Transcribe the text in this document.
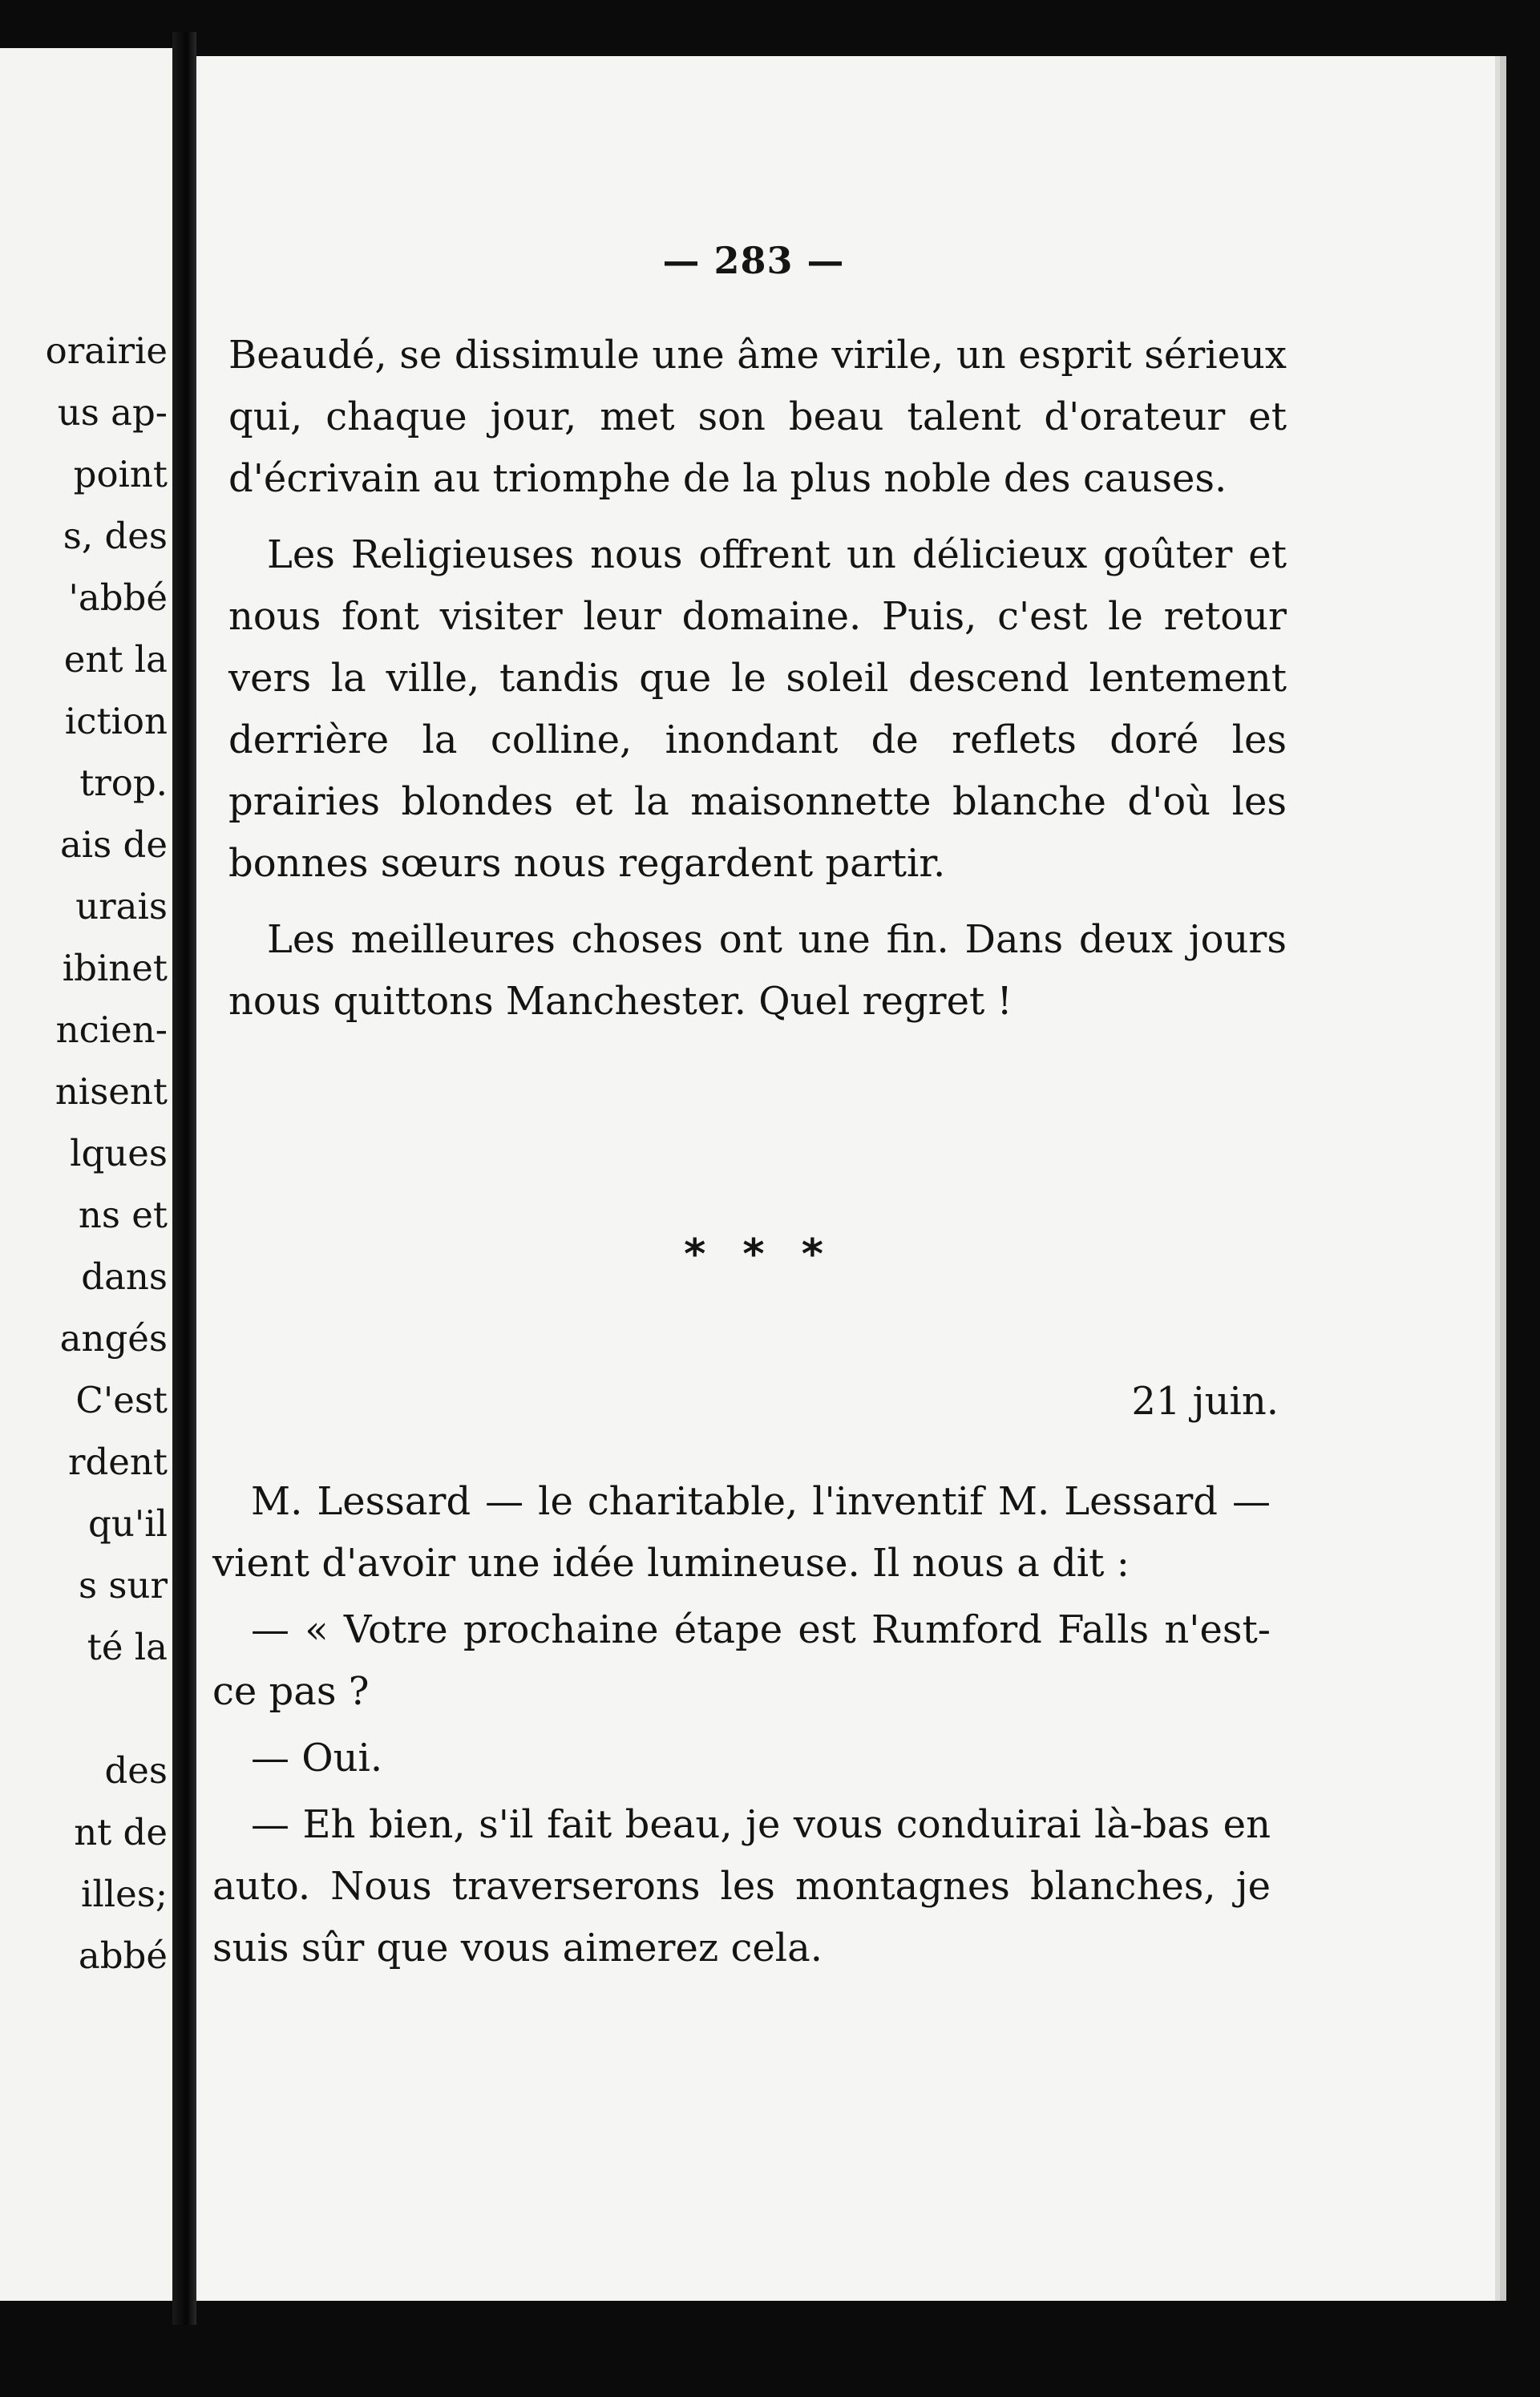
orairie
us ap-
point
s, des
'abbé
ent la
iction
trop.
ais de
urais
ibinet
ncien-
nisent
lques
ns et
dans
angés
C'est
rdent
qu'il
s sur
té la
des
nt de
illes;
abbé
— 283 —

Beaudé, se dissimule une âme virile, un esprit sérieux qui, chaque jour, met son beau talent d'orateur et d'écrivain au triomphe de la plus noble des causes.

Les Religieuses nous offrent un délicieux goûter et nous font visiter leur domaine. Puis, c'est le retour vers la ville, tandis que le soleil descend lentement derrière la colline, inondant de reflets doré les prairies blondes et la maisonnette blanche d'où les bonnes sœurs nous regardent partir.

Les meilleures choses ont une fin. Dans deux jours nous quittons Manchester. Quel regret !

* * *
21 juin.

M. Lessard — le charitable, l'inventif M. Lessard — vient d'avoir une idée lumineuse. Il nous a dit :

— « Votre prochaine étape est Rumford Falls n'est-ce pas ?

— Oui.

— Eh bien, s'il fait beau, je vous conduirai là-bas en auto. Nous traverserons les montagnes blanches, je suis sûr que vous aimerez cela.
